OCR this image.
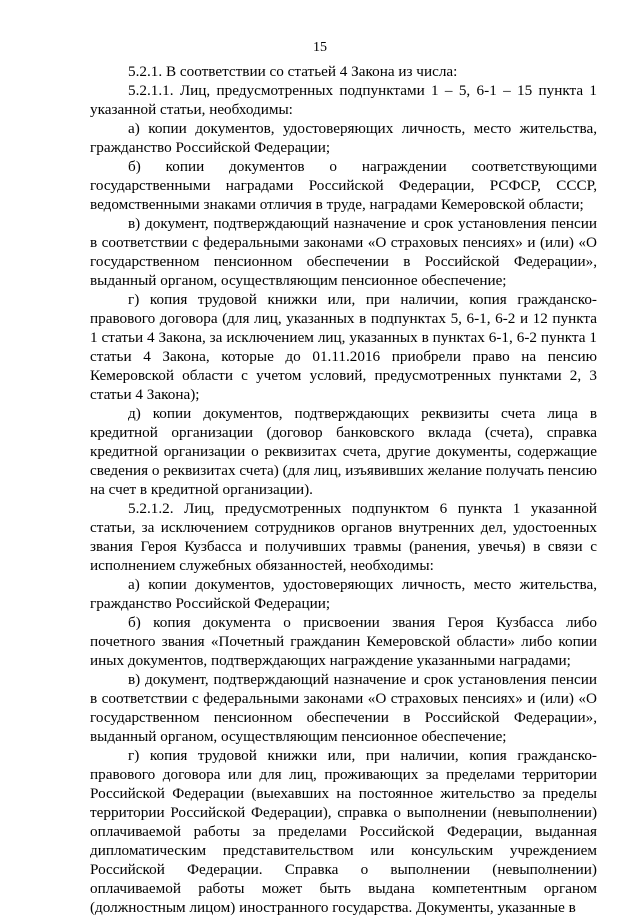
15

5.2.1. В соответствии со статьей 4 Закона из числа:

5.2.1.1. Лиц, предусмотренных подпунктами 1 – 5, 6-1 – 15 пункта 1 указанной статьи, необходимы:

а) копии документов, удостоверяющих личность, место жительства, гражданство Российской Федерации;

б) копии документов о награждении соответствующими государственными наградами Российской Федерации, РСФСР, СССР, ведомственными знаками отличия в труде, наградами Кемеровской области;

в) документ, подтверждающий назначение и срок установления пенсии в соответствии с федеральными законами «О страховых пенсиях» и (или) «О государственном пенсионном обеспечении в Российской Федерации», выданный органом, осуществляющим пенсионное обеспечение;

г) копия трудовой книжки или, при наличии, копия гражданско-правового договора (для лиц, указанных в подпунктах 5, 6-1, 6-2 и 12 пункта 1 статьи 4 Закона, за исключением лиц, указанных в пунктах 6-1, 6-2 пункта 1 статьи 4 Закона, которые до 01.11.2016 приобрели право на пенсию Кемеровской области с учетом условий, предусмотренных пунктами 2, 3 статьи 4 Закона);

д) копии документов, подтверждающих реквизиты счета лица в кредитной организации (договор банковского вклада (счета), справка кредитной организации о реквизитах счета, другие документы, содержащие сведения о реквизитах счета) (для лиц, изъявивших желание получать пенсию на счет в кредитной организации).

5.2.1.2. Лиц, предусмотренных подпунктом 6 пункта 1 указанной статьи, за исключением сотрудников органов внутренних дел, удостоенных звания Героя Кузбасса и получивших травмы (ранения, увечья) в связи с исполнением служебных обязанностей, необходимы:

а) копии документов, удостоверяющих личность, место жительства, гражданство Российской Федерации;

б) копия документа о присвоении звания Героя Кузбасса либо почетного звания «Почетный гражданин Кемеровской области» либо копии иных документов, подтверждающих награждение указанными наградами;

в) документ, подтверждающий назначение и срок установления пенсии в соответствии с федеральными законами «О страховых пенсиях» и (или) «О государственном пенсионном обеспечении в Российской Федерации», выданный органом, осуществляющим пенсионное обеспечение;

г) копия трудовой книжки или, при наличии, копия гражданско-правового договора или для лиц, проживающих за пределами территории Российской Федерации (выехавших на постоянное жительство за пределы территории Российской Федерации), справка о выполнении (невыполнении) оплачиваемой работы за пределами Российской Федерации, выданная дипломатическим представительством или консульским учреждением Российской Федерации. Справка о выполнении (невыполнении) оплачиваемой работы может быть выдана компетентным органом (должностным лицом) иностранного государства. Документы, указанные в
